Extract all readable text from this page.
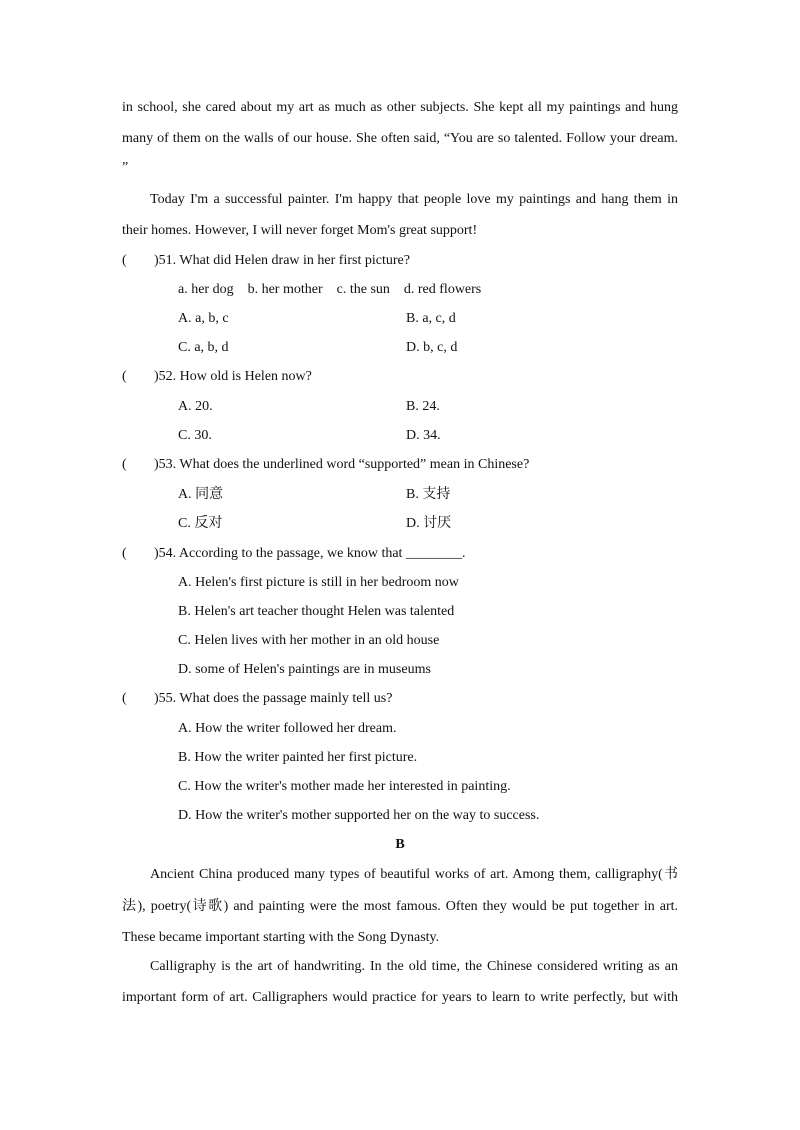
in school, she cared about my art as much as other subjects. She kept all my paintings and hung
many of them on the walls of our house. She often said, “You are so talented. Follow your dream.
”
Today I'm a successful painter. I'm happy that people love my paintings and hang them in
their homes. However, I will never forget Mom's great support!
( )51. What did Helen draw in her first picture?
a. her dog    b. her mother    c. the sun    d. red flowers
A. a, b, c	B. a, c, d
C. a, b, d	D. b, c, d
( )52. How old is Helen now?
A. 20.	B. 24.
C. 30.	D. 34.
( )53. What does the underlined word “supported” mean in Chinese?
A. 同意	B. 支持
C. 反对	D. 讨厌
( )54. According to the passage, we know that ________.
A. Helen's first picture is still in her bedroom now
B. Helen's art teacher thought Helen was talented
C. Helen lives with her mother in an old house
D. some of Helen's paintings are in museums
( )55. What does the passage mainly tell us?
A. How the writer followed her dream.
B. How the writer painted her first picture.
C. How the writer's mother made her interested in painting.
D. How the writer's mother supported her on the way to success.
B
Ancient China produced many types of beautiful works of art. Among them, calligraphy(书
法), poetry(诗歌) and painting were the most famous. Often they would be put together in art.
These became important starting with the Song Dynasty.
Calligraphy is the art of handwriting. In the old time, the Chinese considered writing as an
important form of art. Calligraphers would practice for years to learn to write perfectly, but with
